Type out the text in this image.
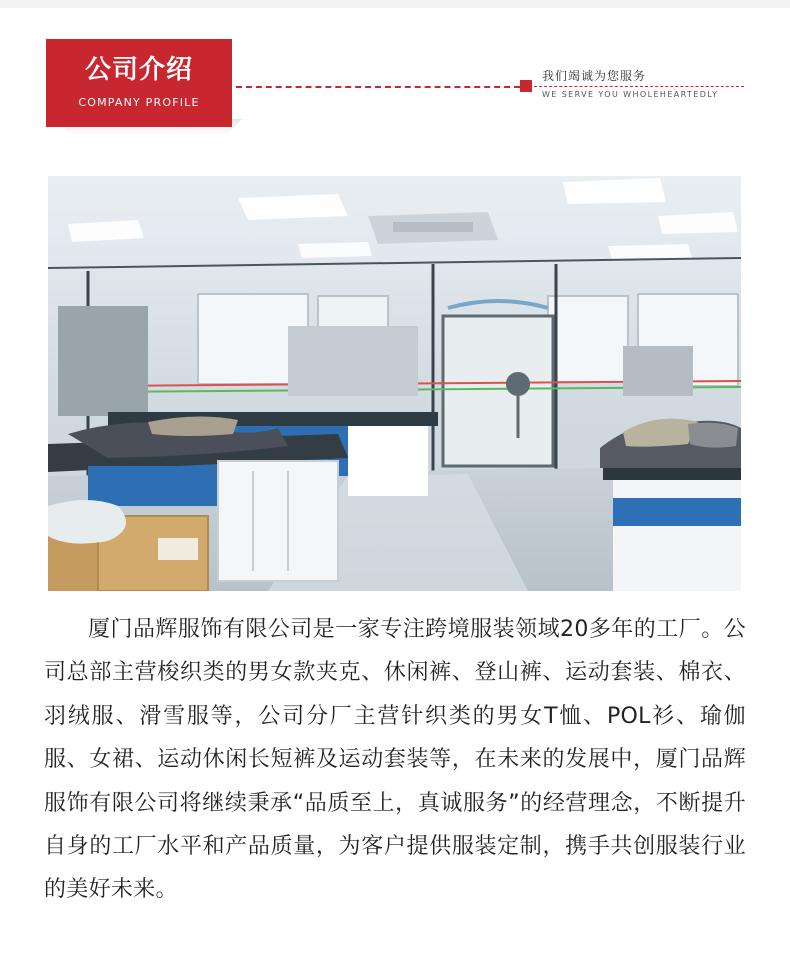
公司介绍
COMPANY PROFILE
我们竭诚为您服务
WE SERVE YOU WHOLEHEARTEDLY

厦门品辉服饰有限公司是一家专注跨境服装领域20多年的工厂。公司总部主营梭织类的男女款夹克、休闲裤、登山裤、运动套装、棉衣、羽绒服、滑雪服等，公司分厂主营针织类的男女T恤、POL衫、瑜伽服、女裙、运动休闲长短裤及运动套装等，在未来的发展中，厦门品辉服饰有限公司将继续秉承“品质至上，真诚服务”的经营理念，不断提升自身的工厂水平和产品质量，为客户提供服装定制，携手共创服装行业的美好未来。
